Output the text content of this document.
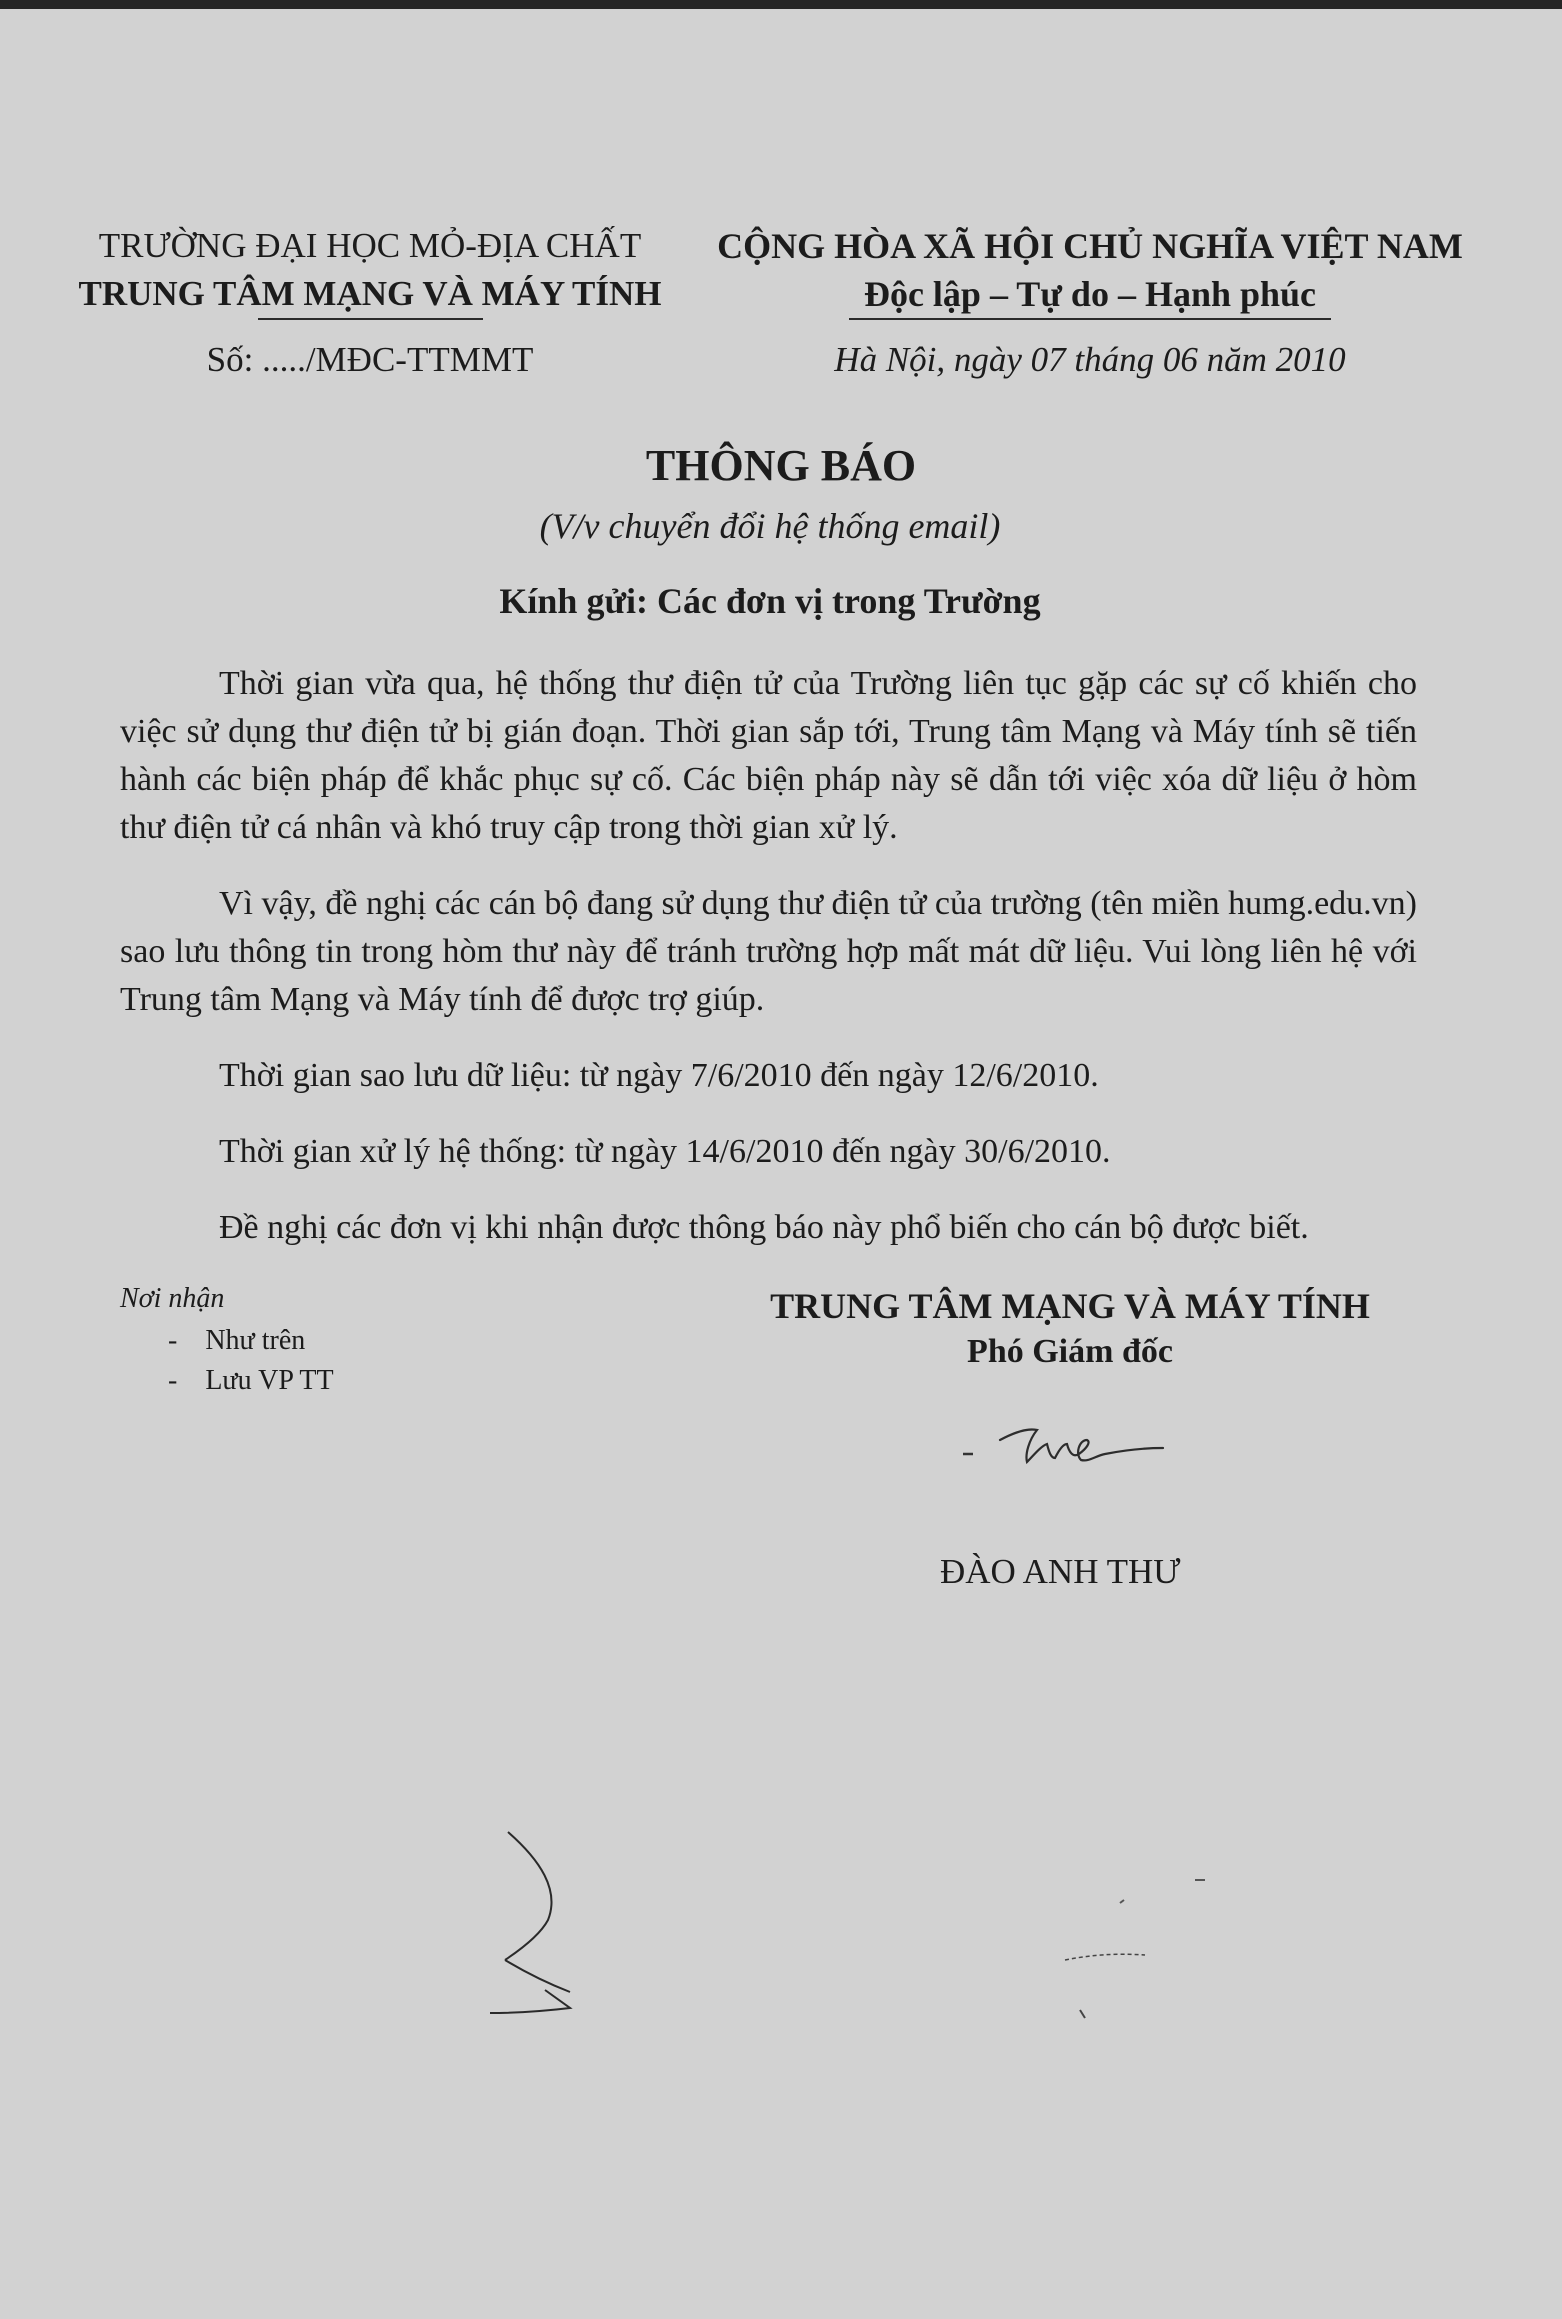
TRƯỜNG ĐẠI HỌC MỎ-ĐỊA CHẤT
TRUNG TÂM MẠNG VÀ MÁY TÍNH
Số: ...../MĐC-TTMMT
CỘNG HÒA XÃ HỘI CHỦ NGHĨA VIỆT NAM
Độc lập – Tự do – Hạnh phúc
Hà Nội, ngày 07 tháng 06 năm 2010
THÔNG BÁO
(V/v chuyển đổi hệ thống email)
Kính gửi: Các đơn vị trong Trường

Thời gian vừa qua, hệ thống thư điện tử của Trường liên tục gặp các sự cố khiến cho việc sử dụng thư điện tử bị gián đoạn. Thời gian sắp tới, Trung tâm Mạng và Máy tính sẽ tiến hành các biện pháp để khắc phục sự cố. Các biện pháp này sẽ dẫn tới việc xóa dữ liệu ở hòm thư điện tử cá nhân và khó truy cập trong thời gian xử lý.

Vì vậy, đề nghị các cán bộ đang sử dụng thư điện tử của trường (tên miền humg.edu.vn) sao lưu thông tin trong hòm thư này để tránh trường hợp mất mát dữ liệu. Vui lòng liên hệ với Trung tâm Mạng và Máy tính để được trợ giúp.

Thời gian sao lưu dữ liệu: từ ngày 7/6/2010 đến ngày 12/6/2010.

Thời gian xử lý hệ thống: từ ngày 14/6/2010 đến ngày 30/6/2010.

Đề nghị các đơn vị khi nhận được thông báo này phổ biến cho cán bộ được biết.

Nơi nhận
-    Như trên
-    Lưu VP TT
TRUNG TÂM MẠNG VÀ MÁY TÍNH
Phó Giám đốc
ĐÀO ANH THƯ
